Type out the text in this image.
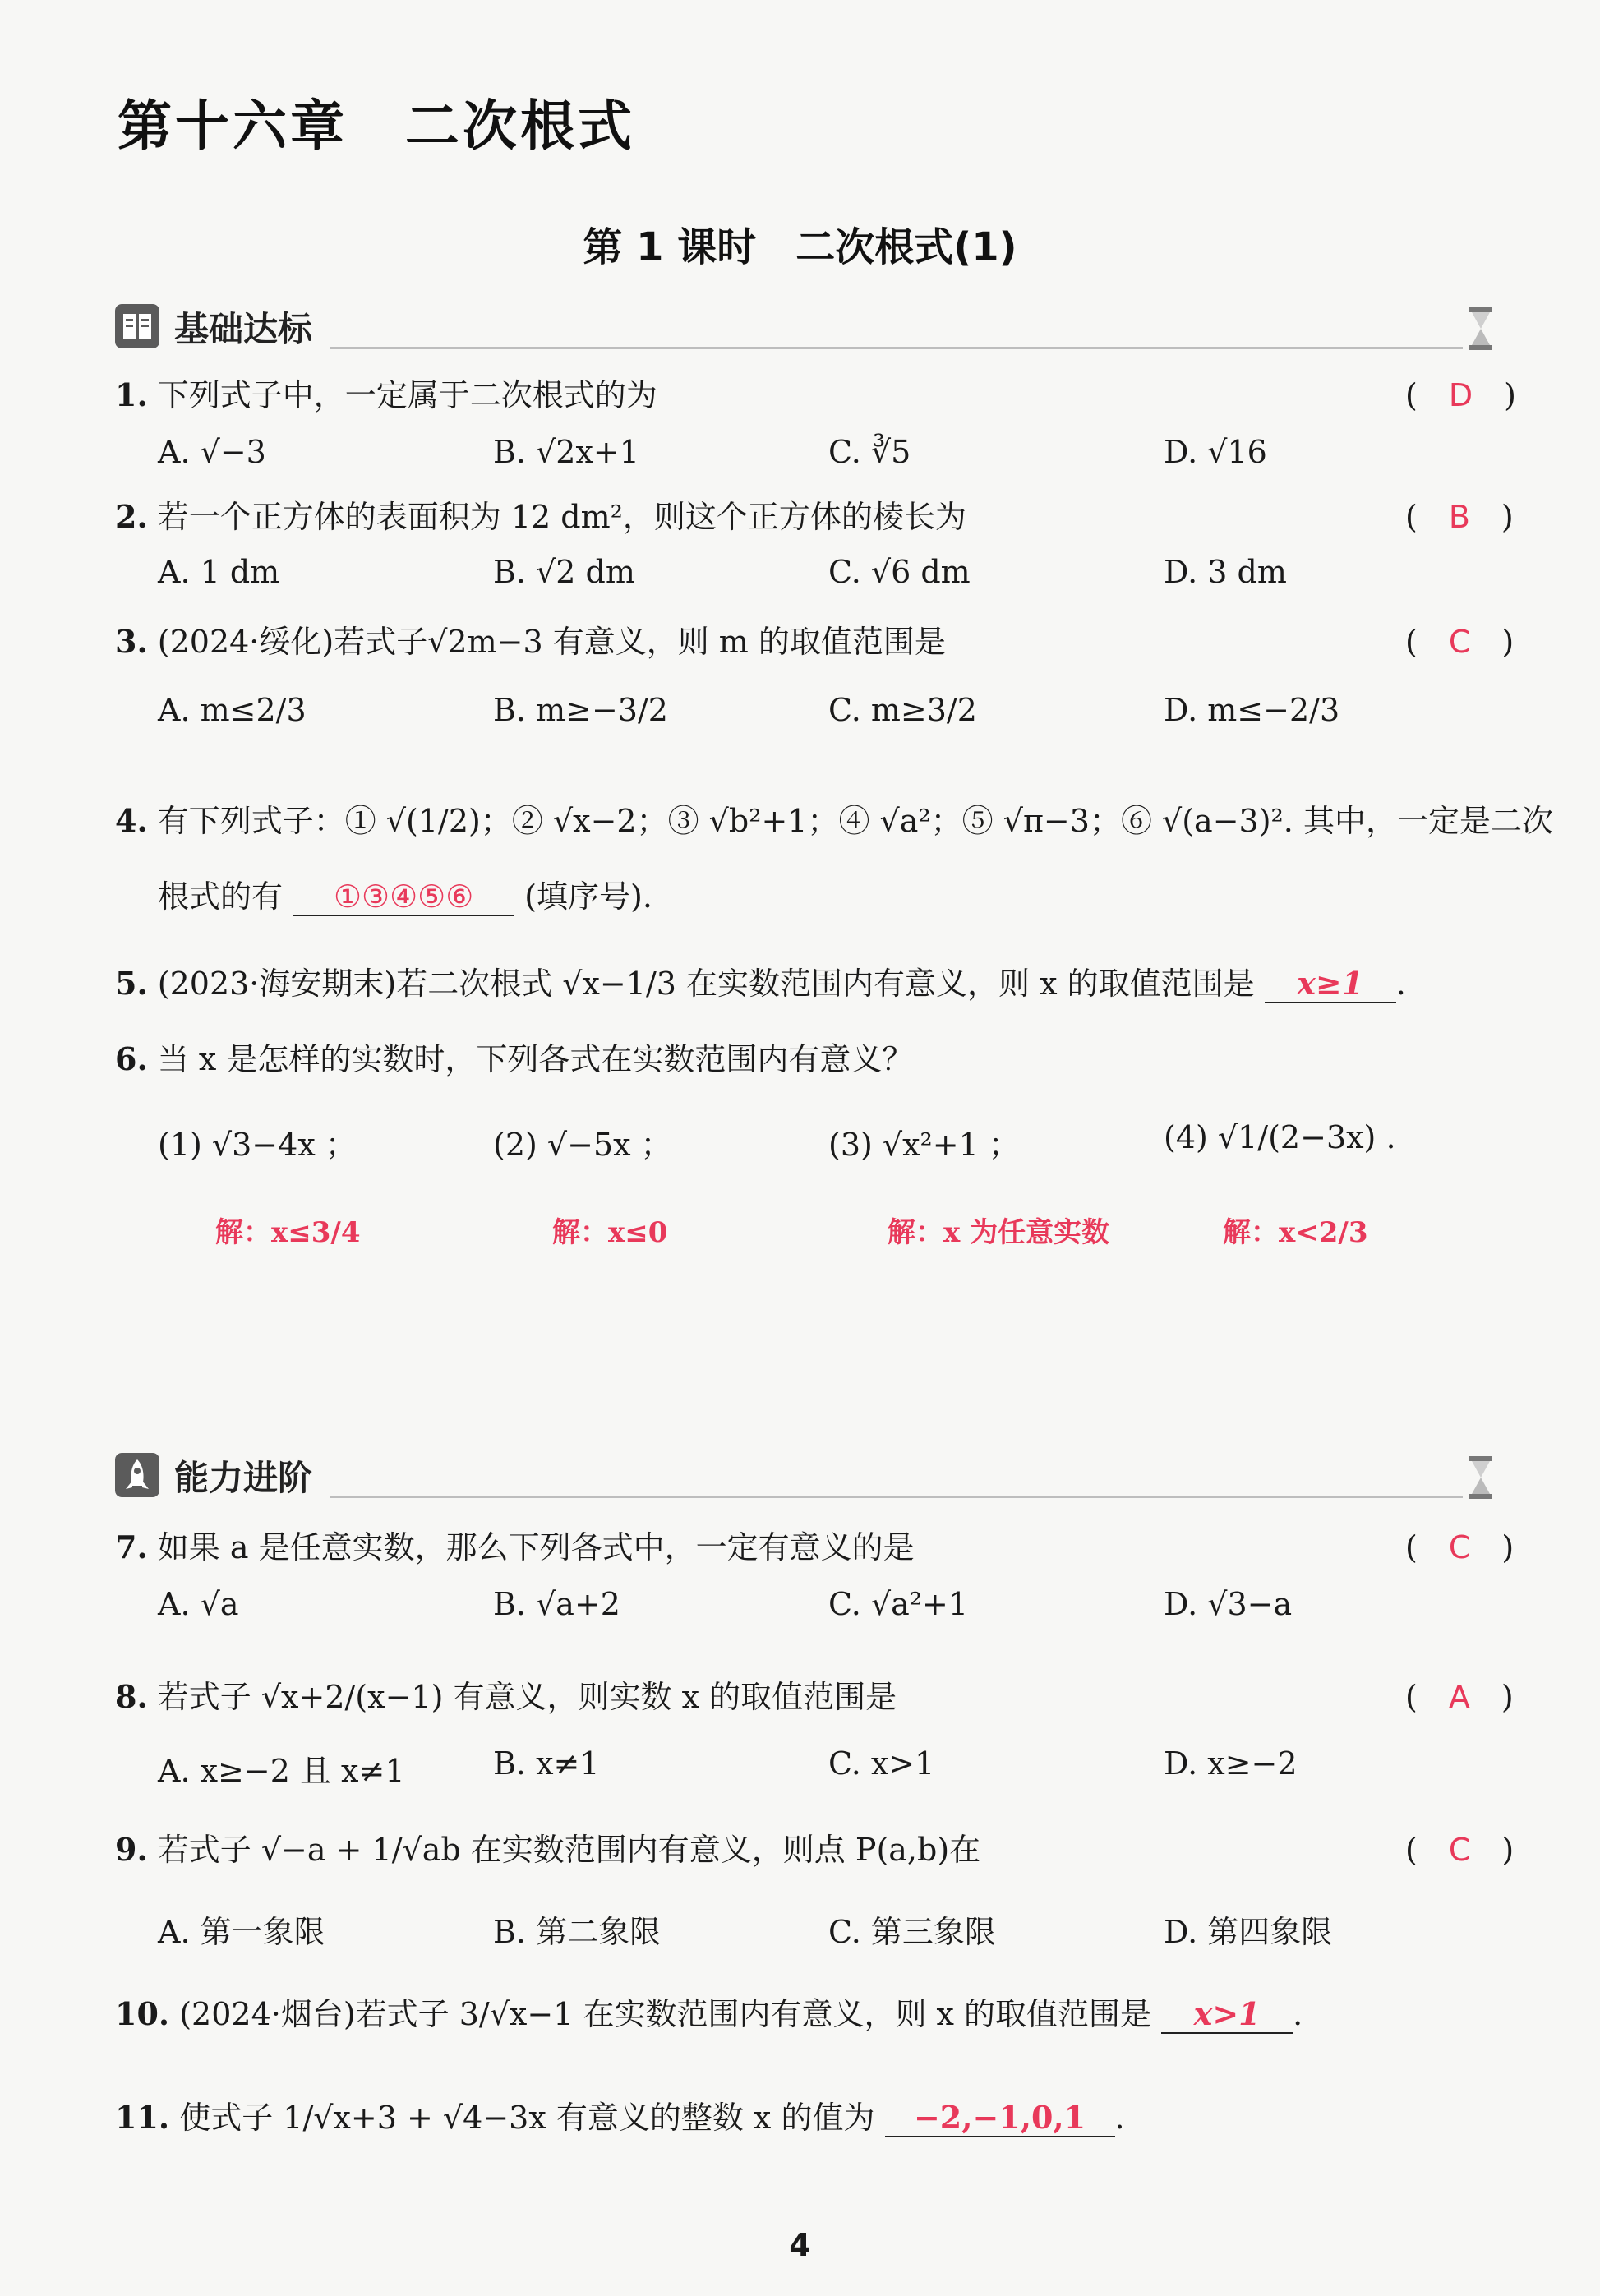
第十六章　二次根式
第 1 课时　二次根式(1)
基础达标
1. 下列式子中，一定属于二次根式的为	(　D　)
A. √−3	B. √2x+1	C. ∛5	D. √16
2. 若一个正方体的表面积为 12 dm²，则这个正方体的棱长为	(　B　)
A. 1 dm	B. √2 dm	C. √6 dm	D. 3 dm
3. (2024·绥化)若式子√2m−3 有意义，则 m 的取值范围是	(　C　)
A. m≤2/3	B. m≥−3/2	C. m≥3/2	D. m≤−2/3
4. 有下列式子：① √(1/2)；② √x−2；③ √b²+1；④ √a²；⑤ √π−3；⑥ √(a−3)². 其中，一定是二次
根式的有 ①③④⑤⑥ (填序号).
5. (2023·海安期末)若二次根式 √x−1/3 在实数范围内有意义，则 x 的取值范围是 x≥1 .
6. 当 x 是怎样的实数时，下列各式在实数范围内有意义？
(1) √3−4x ；	(2) √−5x ；	(3) √x²+1 ；	(4) √1/(2−3x) .
解：x≤3/4	解：x≤0	解：x 为任意实数	解：x<2/3
能力进阶
7. 如果 a 是任意实数，那么下列各式中，一定有意义的是	(　C　)
A. √a	B. √a+2	C. √a²+1	D. √3−a
8. 若式子 √x+2/(x−1) 有意义，则实数 x 的取值范围是	(　A　)
A. x≥−2 且 x≠1	B. x≠1	C. x>1	D. x≥−2
9. 若式子 √−a + 1/√ab 在实数范围内有意义，则点 P(a,b)在	(　C　)
A. 第一象限	B. 第二象限	C. 第三象限	D. 第四象限
10. (2024·烟台)若式子 3/√x−1 在实数范围内有意义，则 x 的取值范围是 x>1 .
11. 使式子 1/√x+3 + √4−3x 有意义的整数 x 的值为 −2,−1,0,1 .
4
